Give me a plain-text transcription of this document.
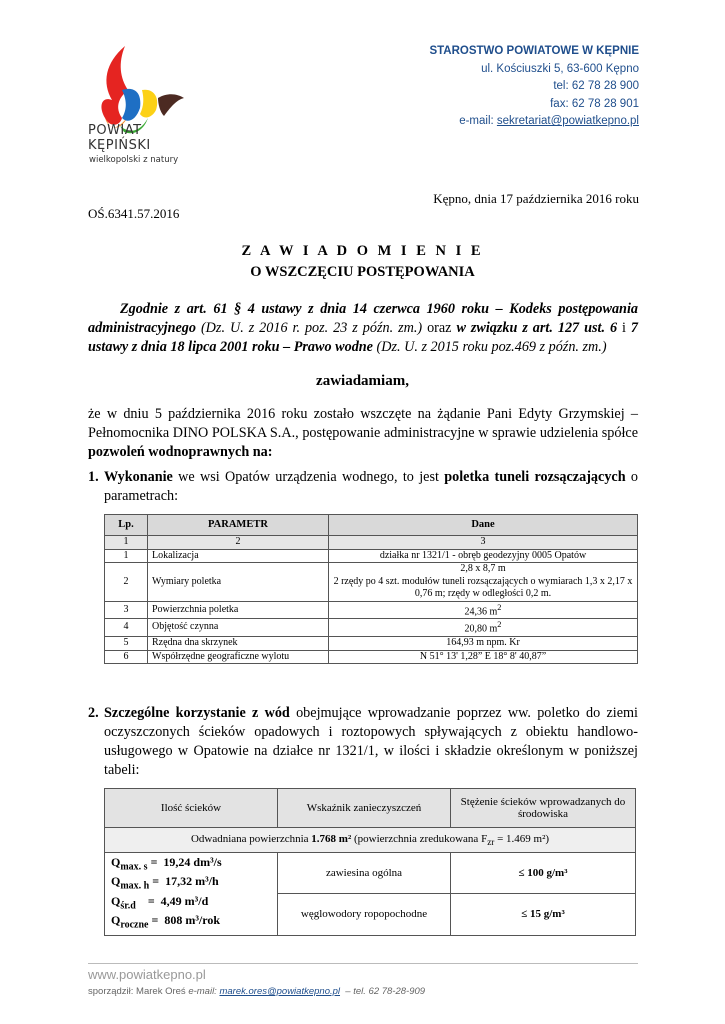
POWIAT
KĘPIŃSKI
wielkopolski z natury
STAROSTWO POWIATOWE W KĘPNIE
ul. Kościuszki 5, 63-600 Kępno
tel: 62 78 28 900
fax: 62 78 28 901
e-mail: sekretariat@powiatkepno.pl
Kępno, dnia 17 października 2016 roku
OŚ.6341.57.2016
Z A W I A D O M I E N I E
O WSZCZĘCIU POSTĘPOWANIA
Zgodnie z art. 61 § 4 ustawy z dnia 14 czerwca 1960 roku – Kodeks postępowania administracyjnego (Dz. U. z 2016 r. poz. 23 z późn. zm.) oraz w związku z art. 127 ust. 6 i 7 ustawy z dnia 18 lipca 2001 roku – Prawo wodne (Dz. U. z 2015 roku poz.469 z późn. zm.)
zawiadamiam,
że w dniu 5 października 2016 roku zostało wszczęte na żądanie Pani Edyty Grzymskiej – Pełnomocnika DINO POLSKA S.A., postępowanie administracyjne w sprawie udzielenia spółce pozwoleń wodnoprawnych na:
1. Wykonanie we wsi Opatów urządzenia wodnego, to jest poletka tuneli rozsączających o parametrach:
Lp.	PARAMETR	Dane
1	2	3
1	Lokalizacja	działka nr 1321/1 - obręb geodezyjny 0005 Opatów
2	Wymiary poletka	2,8 x 8,7 m
2 rzędy po 4 szt. modułów tuneli rozsączających o wymiarach 1,3 x 2,17 x 0,76 m; rzędy w odległości 0,2 m.

3	Powierzchnia poletka	24,36 $m^2$
4	Objętość czynna	20,80 $m^2$
5	Rzędna dna skrzynek	164,93 m npm. Kr
6	Współrzędne geograficzne wylotu	N 51° 13' 1,28” E 18° 8' 40,87”
2. Szczególne korzystanie z wód obejmujące wprowadzanie poprzez ww. poletko do ziemi oczyszczonych ścieków opadowych i roztopowych spływających z obiektu handlowo-usługowego w Opatowie na działce nr 1321/1, w ilości i składzie określonym w poniższej tabeli:
Ilość ścieków	Wskaźnik zanieczyszczeń	Stężenie ścieków wprowadzanych do środowiska
Odwadniana powierzchnia 1.768 m² (powierzchnia zredukowana $F_{zr} = 1.469$ m²)		

$Q_{max. s} = 19,24$ dm³/s
$Q_{max. h} = 17,32$ m³/h
$Q_{śr.d}$    =  4,49 m³/d
$Q_{roczne} = 808$ m³/rok	zawiesina ogólna	≤ 100 g/m³
	węglowodory ropopochodne	≤ 15 g/m³
www.powiatkepno.pl
sporządził: Marek Oreś e-mail: marek.ores@powiatkepno.pl  – tel. 62 78-28-909
